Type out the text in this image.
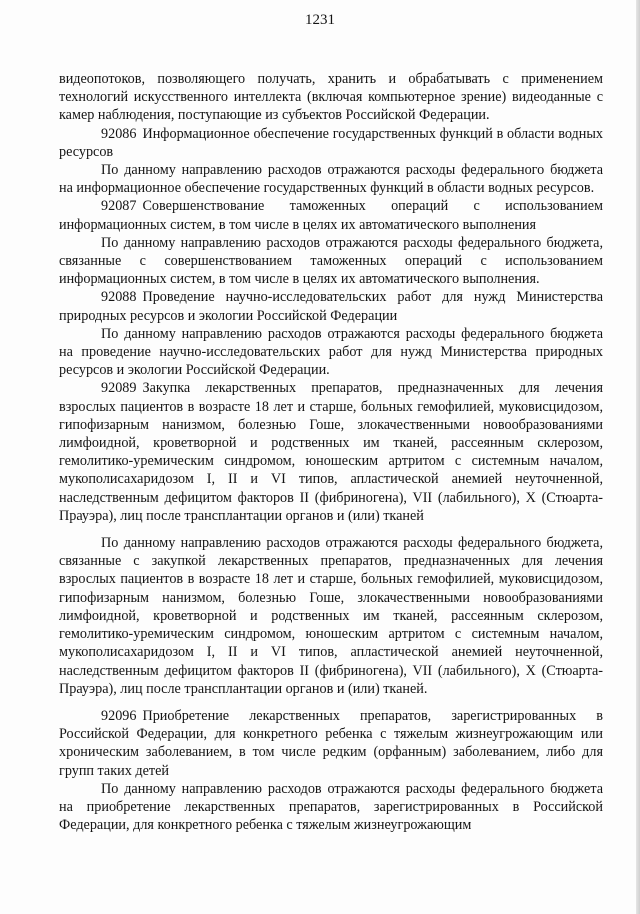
1231

видеопотоков, позволяющего получать, хранить и обрабатывать с применением технологий искусственного интеллекта (включая компьютерное зрение) видеоданные с камер наблюдения, поступающие из субъектов Российской Федерации.

92086 Информационное обеспечение государственных функций в области водных ресурсов

По данному направлению расходов отражаются расходы федерального бюджета на информационное обеспечение государственных функций в области водных ресурсов.

92087 Совершенствование таможенных операций с использованием информационных систем, в том числе в целях их автоматического выполнения

По данному направлению расходов отражаются расходы федерального бюджета, связанные с совершенствованием таможенных операций с использованием информационных систем, в том числе в целях их автоматического выполнения.

92088 Проведение научно-исследовательских работ для нужд Министерства природных ресурсов и экологии Российской Федерации

По данному направлению расходов отражаются расходы федерального бюджета на проведение научно-исследовательских работ для нужд Министерства природных ресурсов и экологии Российской Федерации.

92089 Закупка лекарственных препаратов, предназначенных для лечения взрослых пациентов в возрасте 18 лет и старше, больных гемофилией, муковисцидозом, гипофизарным нанизмом, болезнью Гоше, злокачественными новообразованиями лимфоидной, кроветворной и родственных им тканей, рассеянным склерозом, гемолитико-уремическим синдромом, юношеским артритом с системным началом, мукополисахаридозом I, II и VI типов, апластической анемией неуточненной, наследственным дефицитом факторов II (фибриногена), VII (лабильного), X (Стюарта-Прауэра), лиц после трансплантации органов и (или) тканей

По данному направлению расходов отражаются расходы федерального бюджета, связанные с закупкой лекарственных препаратов, предназначенных для лечения взрослых пациентов в возрасте 18 лет и старше, больных гемофилией, муковисцидозом, гипофизарным нанизмом, болезнью Гоше, злокачественными новообразованиями лимфоидной, кроветворной и родственных им тканей, рассеянным склерозом, гемолитико-уремическим синдромом, юношеским артритом с системным началом, мукополисахаридозом I, II и VI типов, апластической анемией неуточненной, наследственным дефицитом факторов II (фибриногена), VII (лабильного), X (Стюарта-Прауэра), лиц после трансплантации органов и (или) тканей.

92096 Приобретение лекарственных препаратов, зарегистрированных в Российской Федерации, для конкретного ребенка с тяжелым жизнеугрожающим или хроническим заболеванием, в том числе редким (орфанным) заболеванием, либо для групп таких детей

По данному направлению расходов отражаются расходы федерального бюджета на приобретение лекарственных препаратов, зарегистрированных в Российской Федерации, для конкретного ребенка с тяжелым жизнеугрожающим
